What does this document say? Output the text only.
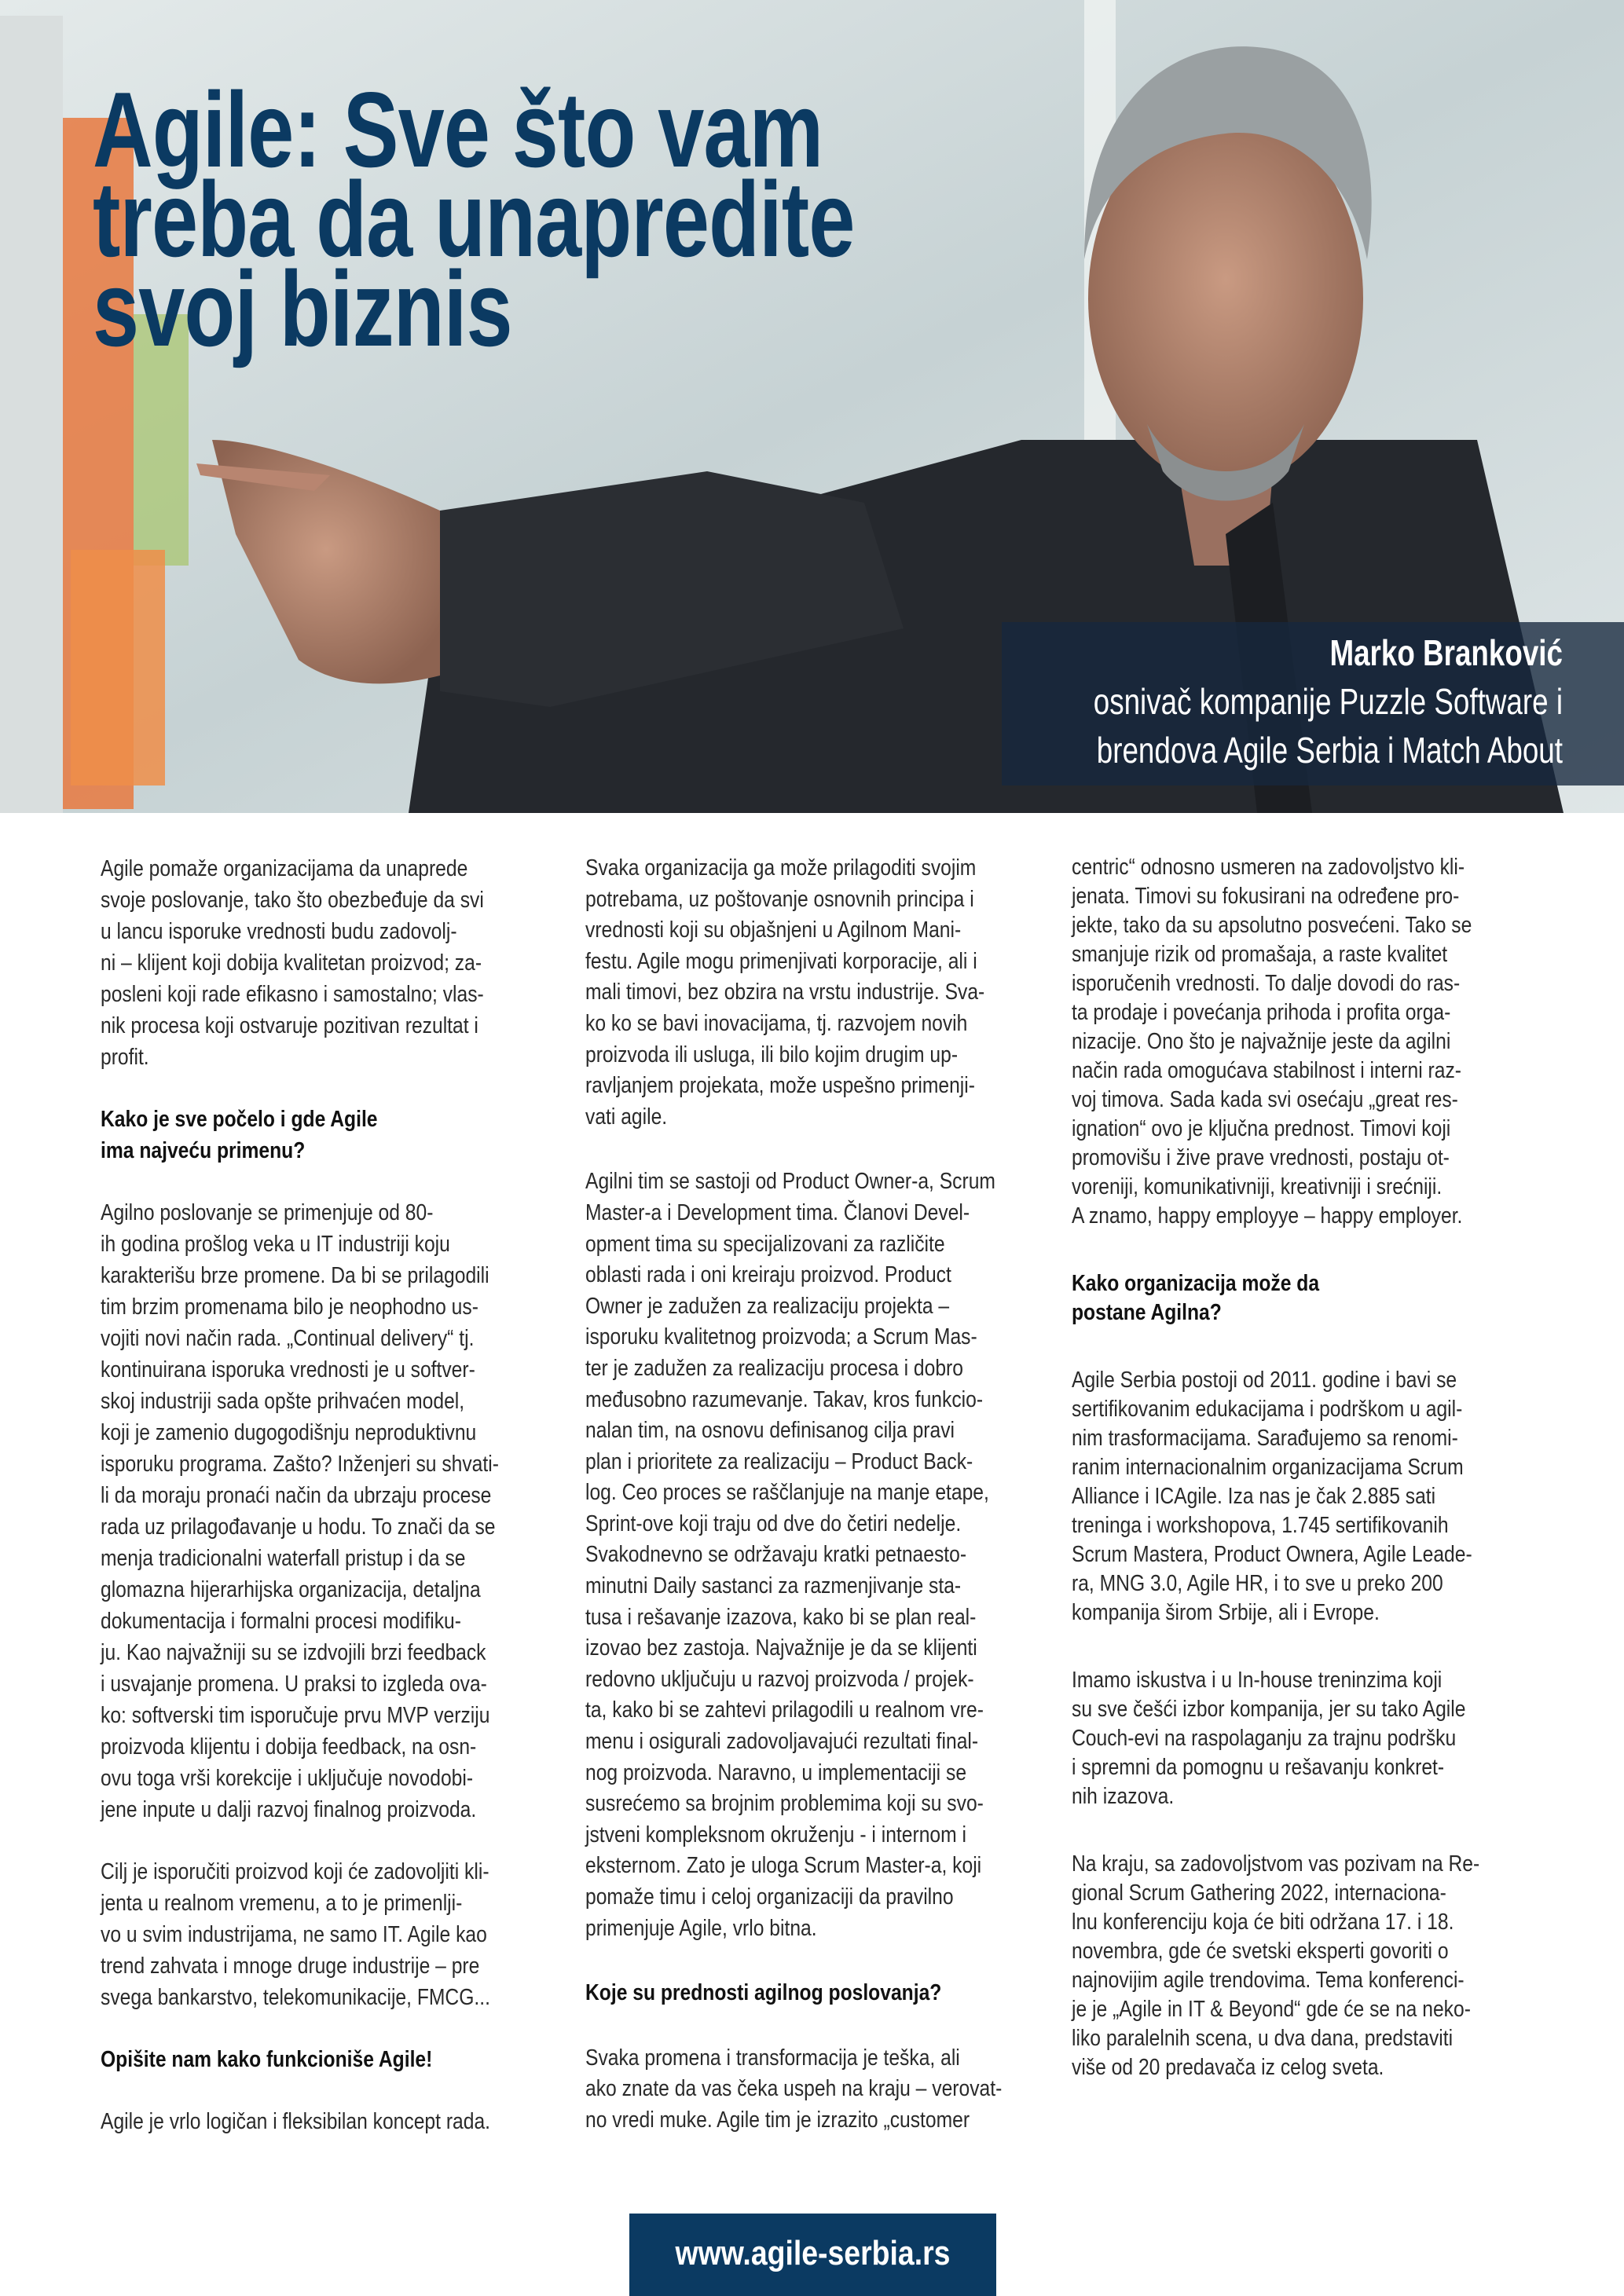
Agile: Sve što vam
treba da unapredite
svoj biznis
Marko Branković
osnivač kompanije Puzzle Software i
brendova Agile Serbia i Match About
Agile pomaže organizacijama da unaprede
svoje poslovanje, tako što obezbeđuje da svi
u lancu isporuke vrednosti budu zadovolj-
ni – klijent koji dobija kvalitetan proizvod; za-
posleni koji rade efikasno i samostalno; vlas-
nik procesa koji ostvaruje pozitivan rezultat i
profit.
Kako je sve počelo i gde Agile
ima najveću primenu?
Agilno poslovanje se primenjuje od 80-
ih godina prošlog veka u IT industriji koju
karakterišu brze promene. Da bi se prilagodili
tim brzim promenama bilo je neophodno us-
vojiti novi način rada. „Continual delivery“ tj.
kontinuirana isporuka vrednosti je u softver-
skoj industriji sada opšte prihvaćen model,
koji je zamenio dugogodišnju neproduktivnu
isporuku programa. Zašto? Inženjeri su shvati-
li da moraju pronaći način da ubrzaju procese
rada uz prilagođavanje u hodu. To znači da se
menja tradicionalni waterfall pristup i da se
glomazna hijerarhijska organizacija, detaljna
dokumentacija i formalni procesi modifiku-
ju. Kao najvažniji su se izdvojili brzi feedback
i usvajanje promena. U praksi to izgleda ova-
ko: softverski tim isporučuje prvu MVP verziju
proizvoda klijentu i dobija feedback, na osn-
ovu toga vrši korekcije i uključuje novodobi-
jene inpute u dalji razvoj finalnog proizvoda.
Cilj je isporučiti proizvod koji će zadovoljiti kli-
jenta u realnom vremenu, a to je primenlji-
vo u svim industrijama, ne samo IT. Agile kao
trend zahvata i mnoge druge industrije – pre
svega bankarstvo, telekomunikacije, FMCG...
Opišite nam kako funkcioniše Agile!
Agile je vrlo logičan i fleksibilan koncept rada.
Svaka organizacija ga može prilagoditi svojim
potrebama, uz poštovanje osnovnih principa i
vrednosti koji su objašnjeni u Agilnom Mani-
festu. Agile mogu primenjivati korporacije, ali i
mali timovi, bez obzira na vrstu industrije. Sva-
ko ko se bavi inovacijama, tj. razvojem novih
proizvoda ili usluga, ili bilo kojim drugim up-
ravljanjem projekata, može uspešno primenji-
vati agile.
Agilni tim se sastoji od Product Owner-a, Scrum
Master-a i Development tima. Članovi Devel-
opment tima su specijalizovani za različite
oblasti rada i oni kreiraju proizvod. Product
Owner je zadužen za realizaciju projekta –
isporuku kvalitetnog proizvoda; a Scrum Mas-
ter je zadužen za realizaciju procesa i dobro
međusobno razumevanje. Takav, kros funkcio-
nalan tim, na osnovu definisanog cilja pravi
plan i prioritete za realizaciju – Product Back-
log. Ceo proces se raščlanjuje na manje etape,
Sprint-ove koji traju od dve do četiri nedelje.
Svakodnevno se održavaju kratki petnaesto-
minutni Daily sastanci za razmenjivanje sta-
tusa i rešavanje izazova, kako bi se plan real-
izovao bez zastoja. Najvažnije je da se klijenti
redovno uključuju u razvoj proizvoda / projek-
ta, kako bi se zahtevi prilagodili u realnom vre-
menu i osigurali zadovoljavajući rezultati final-
nog proizvoda. Naravno, u implementaciji se
susrećemo sa brojnim problemima koji su svo-
jstveni kompleksnom okruženju - i internom i
eksternom. Zato je uloga Scrum Master-a, koji
pomaže timu i celoj organizaciji da pravilno
primenjuje Agile, vrlo bitna.
Koje su prednosti agilnog poslovanja?
Svaka promena i transformacija je teška, ali
ako znate da vas čeka uspeh na kraju – verovat-
no vredi muke. Agile tim je izrazito „customer
centric“ odnosno usmeren na zadovoljstvo kli-
jenata. Timovi su fokusirani na određene pro-
jekte, tako da su apsolutno posvećeni. Tako se
smanjuje rizik od promašaja, a raste kvalitet
isporučenih vrednosti. To dalje dovodi do ras-
ta prodaje i povećanja prihoda i profita orga-
nizacije. Ono što je najvažnije jeste da agilni
način rada omogućava stabilnost i interni raz-
voj timova. Sada kada svi osećaju „great res-
ignation“ ovo je ključna prednost. Timovi koji
promovišu i žive prave vrednosti, postaju ot-
voreniji, komunikativniji, kreativniji i srećniji.
A znamo, happy employye – happy employer.
Kako organizacija može da
postane Agilna?
Agile Serbia postoji od 2011. godine i bavi se
sertifikovanim edukacijama i podrškom u agil-
nim trasformacijama. Sarađujemo sa renomi-
ranim internacionalnim organizacijama Scrum
Alliance i ICAgile. Iza nas je čak 2.885 sati
treninga i workshopova, 1.745 sertifikovanih
Scrum Mastera, Product Ownera, Agile Leade-
ra, MNG 3.0, Agile HR, i to sve u preko 200
kompanija širom Srbije, ali i Evrope.
Imamo iskustva i u In-house treninzima koji
su sve češći izbor kompanija, jer su tako Agile
Couch-evi na raspolaganju za trajnu podršku
i spremni da pomognu u rešavanju konkret-
nih izazova.
Na kraju, sa zadovoljstvom vas pozivam na Re-
gional Scrum Gathering 2022, internaciona-
lnu konferenciju koja će biti održana 17. i 18.
novembra, gde će svetski eksperti govoriti o
najnovijim agile trendovima. Tema konferenci-
je je „Agile in IT & Beyond“ gde će se na neko-
liko paralelnih scena, u dva dana, predstaviti
više od 20 predavača iz celog sveta.
www.agile-serbia.rs
